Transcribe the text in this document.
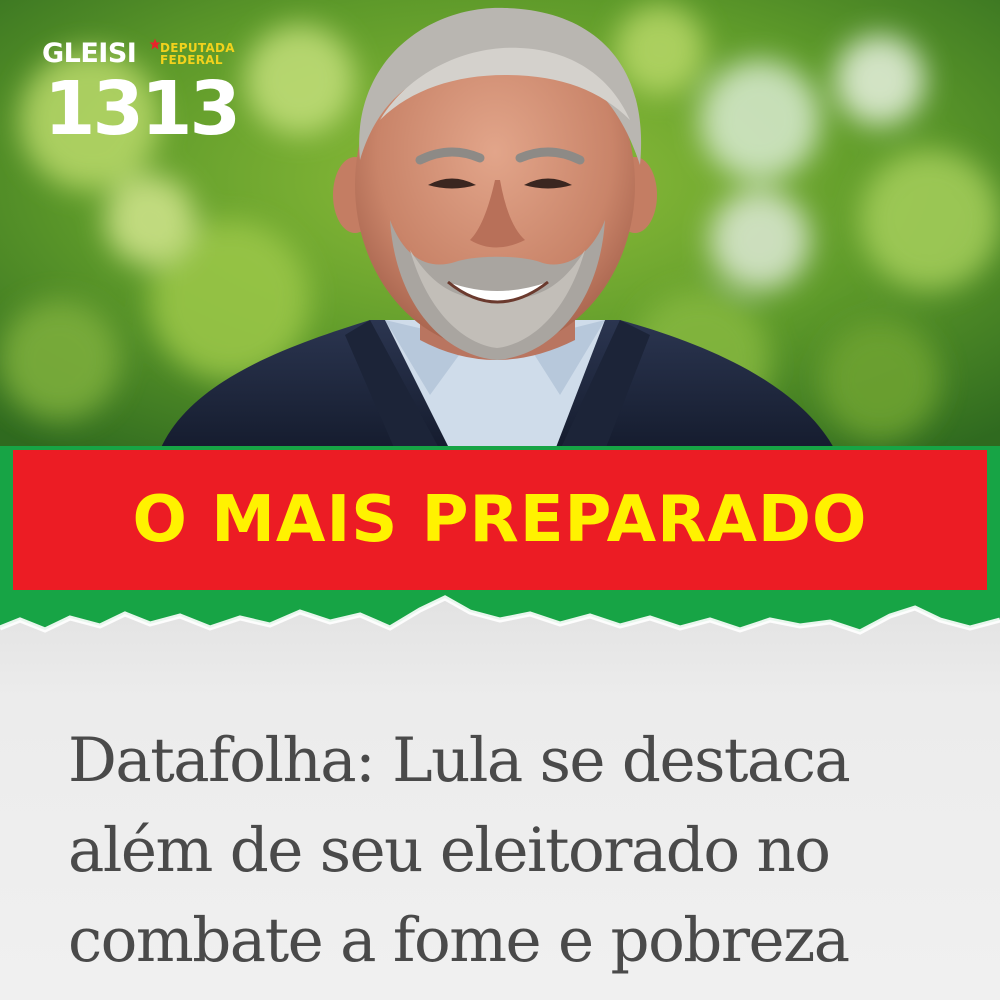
GLEISI DEPUTADA
FEDERAL
1313
O MAIS PREPARADO
Datafolha: Lula se destaca
além de seu eleitorado no
combate a fome e pobreza
